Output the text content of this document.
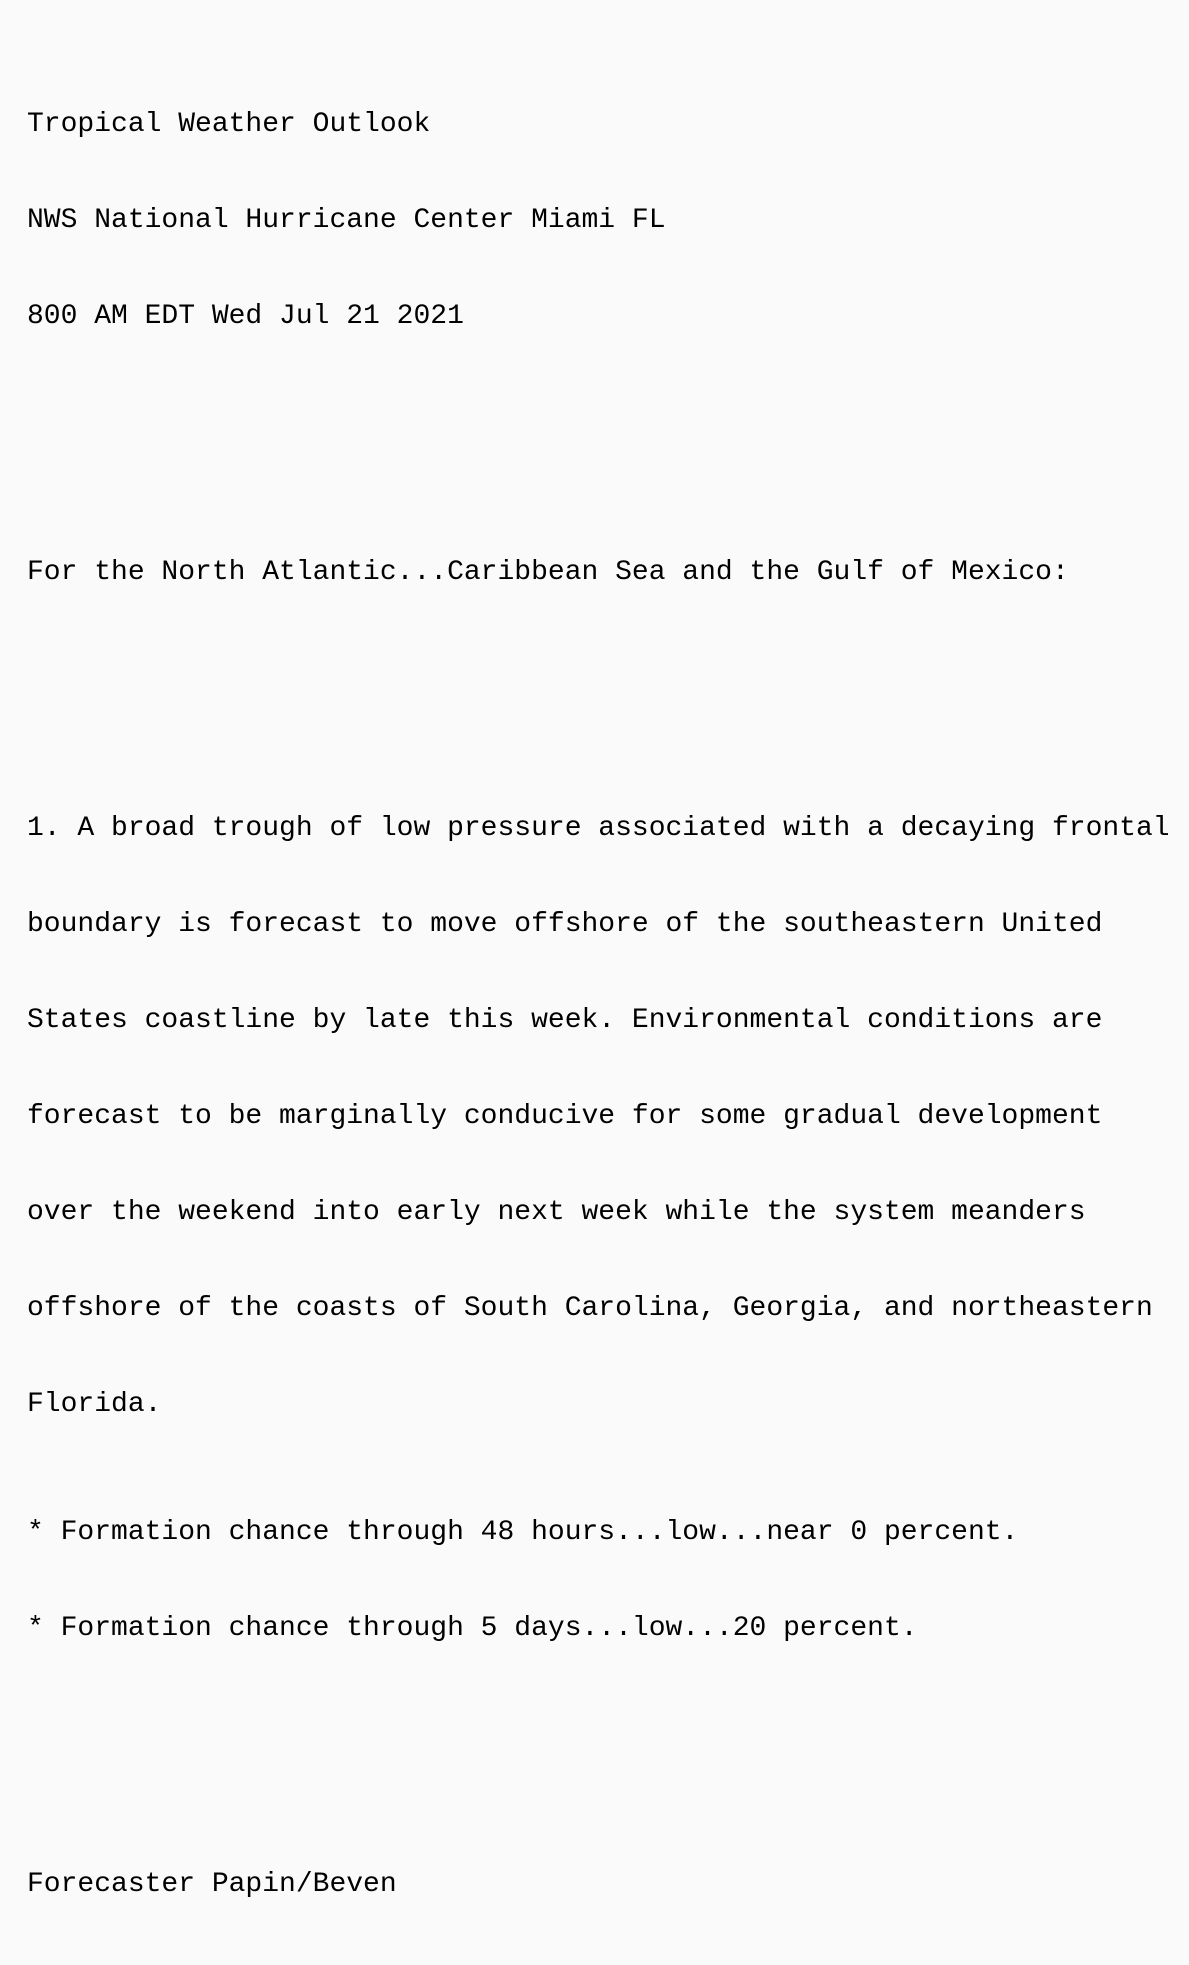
Tropical Weather Outlook

NWS National Hurricane Center Miami FL

800 AM EDT Wed Jul 21 2021

For the North Atlantic...Caribbean Sea and the Gulf of Mexico:

1. A broad trough of low pressure associated with a decaying frontal

boundary is forecast to move offshore of the southeastern United

States coastline by late this week. Environmental conditions are

forecast to be marginally conducive for some gradual development

over the weekend into early next week while the system meanders

offshore of the coasts of South Carolina, Georgia, and northeastern

Florida.

* Formation chance through 48 hours...low...near 0 percent.

* Formation chance through 5 days...low...20 percent.

Forecaster Papin/Beven
